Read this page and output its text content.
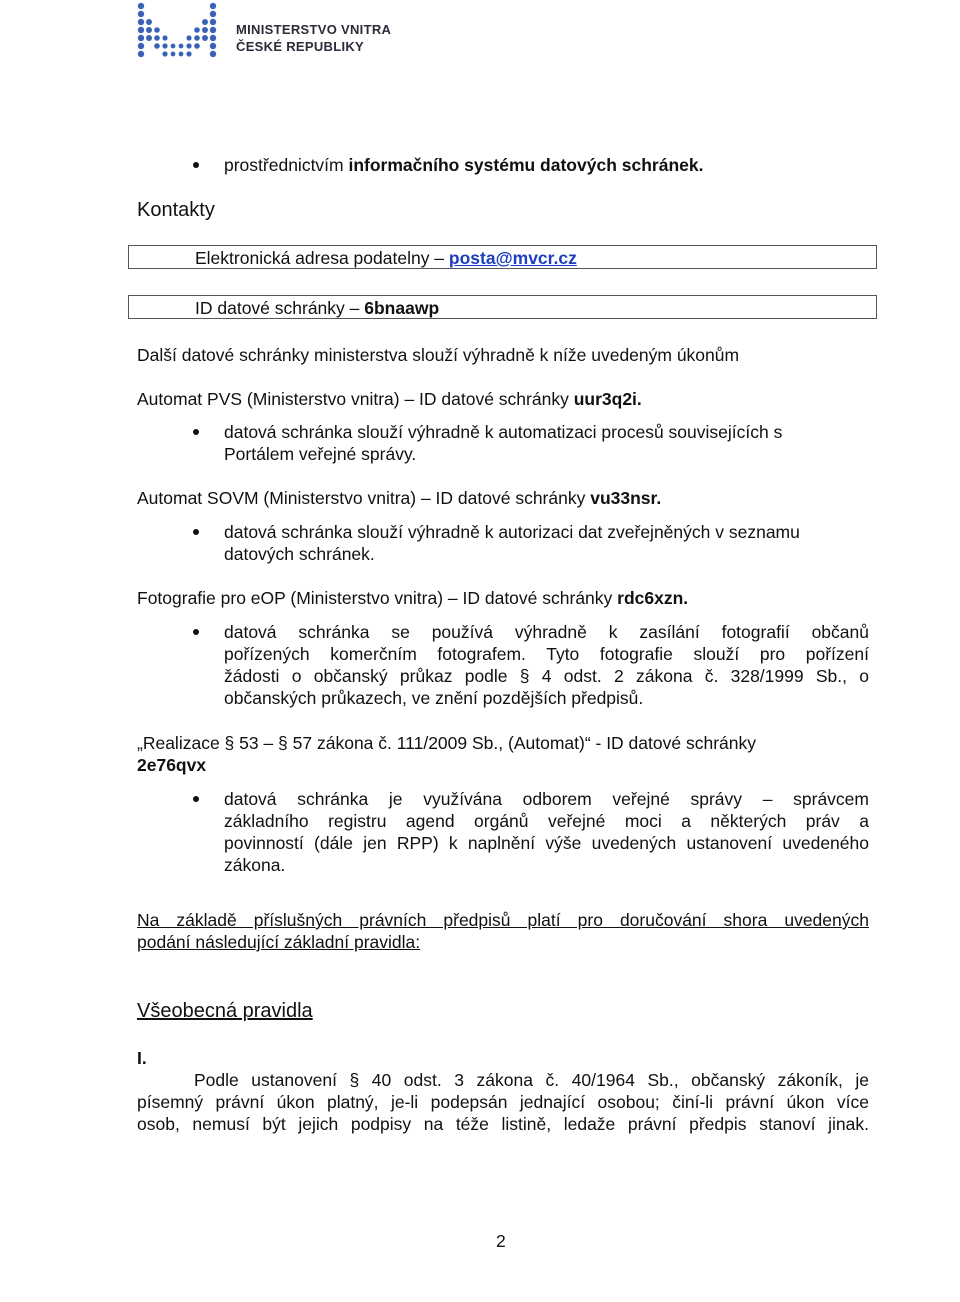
MINISTERSTVO VNITRA
ČESKÉ REPUBLIKY
prostřednictvím informačního systému datových schránek.
Kontakty
Elektronická adresa podatelny – posta@mvcr.cz
ID datové schránky – 6bnaawp
Další datové schránky ministerstva slouží výhradně k níže uvedeným úkonům
Automat PVS (Ministerstvo vnitra) – ID datové schránky uur3q2i.
datová schránka slouží výhradně k automatizaci procesů souvisejících s
Portálem veřejné správy.
Automat SOVM (Ministerstvo vnitra) – ID datové schránky vu33nsr.
datová schránka slouží výhradně k autorizaci dat zveřejněných v seznamu
datových schránek.
Fotografie pro eOP (Ministerstvo vnitra) – ID datové schránky rdc6xzn.
datová schránka se používá výhradně k zasílání fotografií občanů
pořízených komerčním fotografem. Tyto fotografie slouží pro pořízení
žádosti o občanský průkaz podle § 4 odst. 2 zákona č. 328/1999 Sb., o
občanských průkazech, ve znění pozdějších předpisů.
„Realizace § 53 – § 57 zákona č. 111/2009 Sb., (Automat)“ - ID datové schránky
2e76qvx
datová schránka je využívána odborem veřejné správy – správcem
základního registru agend orgánů veřejné moci a některých práv a
povinností (dále jen RPP) k naplnění výše uvedených ustanovení uvedeného
zákona.
Na základě příslušných právních předpisů platí pro doručování shora uvedených
podání následující základní pravidla:
Všeobecná pravidla
I.
Podle ustanovení § 40 odst. 3 zákona č. 40/1964 Sb., občanský zákoník, je
písemný právní úkon platný, je-li podepsán jednající osobou; činí-li právní úkon více
osob, nemusí být jejich podpisy na téže listině, ledaže právní předpis stanoví jinak.
2
